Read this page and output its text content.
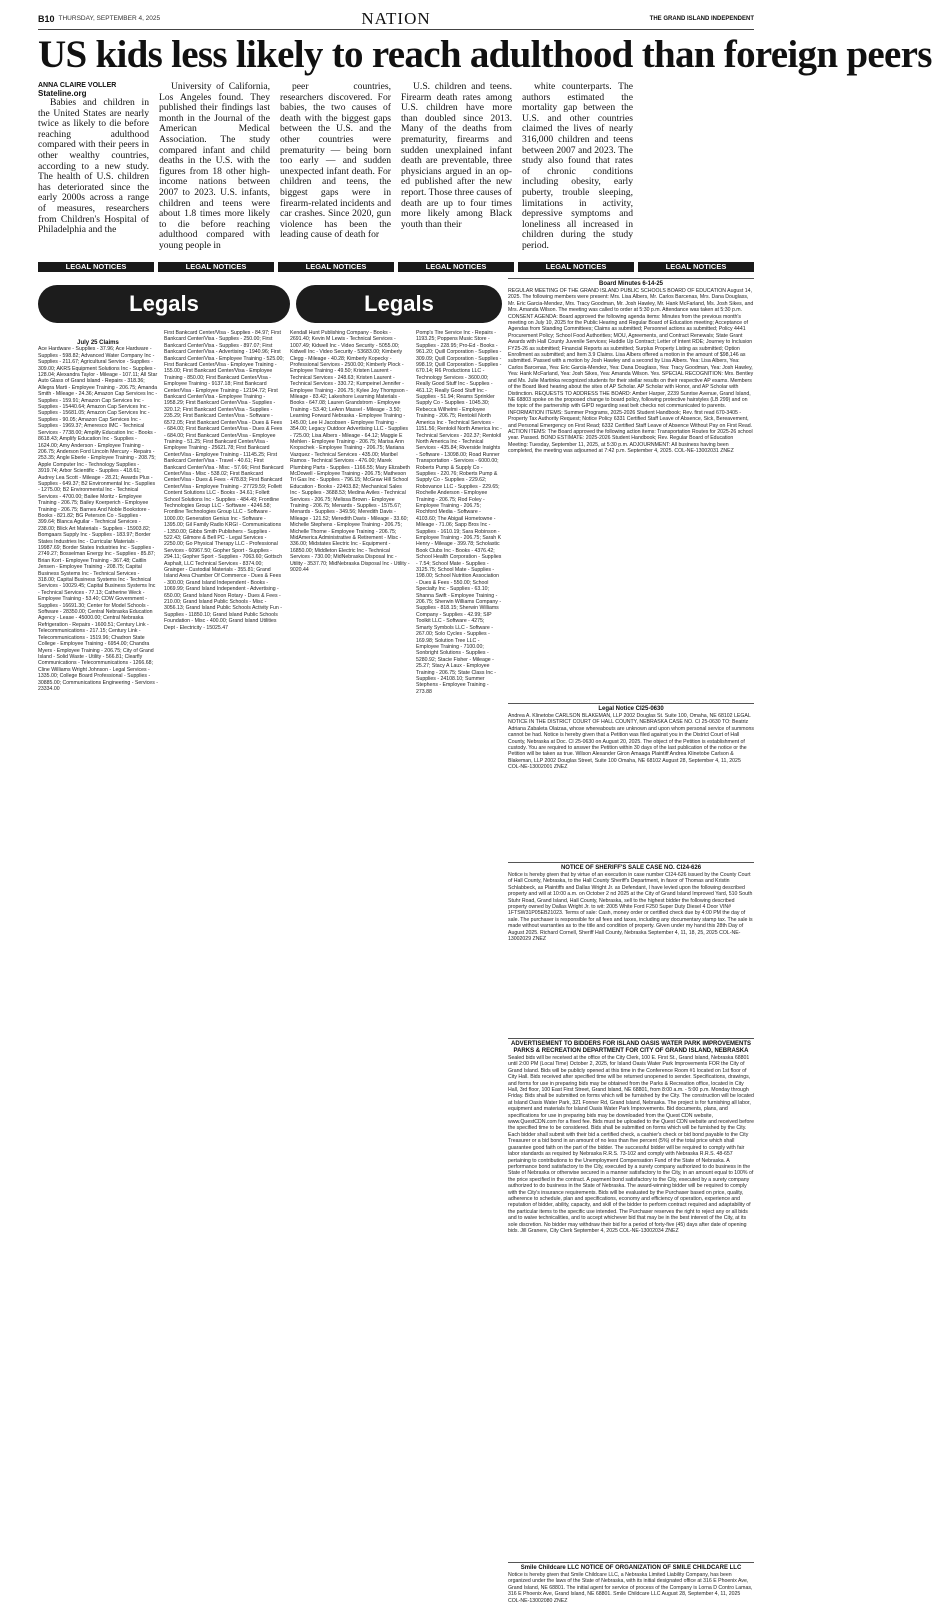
B10 THURSDAY, SEPTEMBER 4, 2025	NATION	THE GRAND ISLAND INDEPENDENT
US kids less likely to reach adulthood than foreign peers
ANNA CLAIRE VOLLER
Stateline.org

Babies and children in the United States are nearly twice as likely to die before reaching adulthood compared with their peers in other wealthy countries, according to a new study. The health of U.S. children has deteriorated since the early 2000s across a range of measures, researchers from Children's Hospital of Philadelphia and the

University of California, Los Angeles found. They published their findings last month in the Journal of the American Medical Association. The study compared infant and child deaths in the U.S. with the figures from 18 other high-income nations between 2007 to 2023. U.S. infants, children and teens were about 1.8 times more likely to die before reaching adulthood compared with young people in

peer countries, researchers discovered. For babies, the two causes of death with the biggest gaps between the U.S. and the other countries were prematurity — being born too early — and sudden unexpected infant death. For children and teens, the biggest gaps were in firearm-related incidents and car crashes. Since 2020, gun violence has been the leading cause of death for

U.S. children and teens. Firearm death rates among U.S. children have more than doubled since 2013. Many of the deaths from prematurity, firearms and sudden unexplained infant death are preventable, three physicians argued in an op-ed published after the new report. Those three causes of death are up to four times more likely among Black youth than their

white counterparts. The authors estimated the mortality gap between the U.S. and other countries claimed the lives of nearly 316,000 children and teens between 2007 and 2023. The study also found that rates of chronic conditions including obesity, early puberty, trouble sleeping, limitations in activity, depressive symptoms and loneliness all increased in children during the study period.

LEGAL NOTICES	LEGAL NOTICES	LEGAL NOTICES	LEGAL NOTICES	LEGAL NOTICES	LEGAL NOTICES
Legals	Legals
July 25 Claims
Ace Hardware - Supplies - 37.96; Ace Hardware - Supplies - 598.82; Advanced Water Company Inc - Supplies - 211.67; Agricultural Service - Supplies - 309.00; AKRS Equipment Solutions Inc - Supplies - 128.04; Alexandra Taylor - Mileage - 107.11; All Star Auto Glass of Grand Island - Repairs - 318.36; Allegra Marti - Employee Training - 206.75; Amanda Smith - Mileage - 24.36; Amazon Cap Services Inc - Supplies - 159.91; Amazon Cap Services Inc - Supplies - 15440.64; Amazon Cap Services Inc - Supplies - 15681.05; Amazon Cap Services Inc - Supplies - 90.05; Amazon Cap Services Inc - Supplies - 1969.37; Ameresco IMC - Technical Services - 7738.00; Amplify Education Inc - Books - 8618.43; Amplify Education Inc - Supplies - 1624.00; Amy Anderson - Employee Training - 206.75; Anderson Ford Lincoln Mercury - Repairs - 253.35; Angle Eberle - Employee Training - 208.75; Apple Computer Inc - Technology Supplies - 3919.74; Arbor Scientific - Supplies - 418.61; Audrey Lea Scott - Mileage - 28.21; Awards Plus - Supplies - 649.37; B2 Environmental Inc - Supplies - 1275.00; B2 Environmental Inc - Technical Services - 4700.00; Bailee Moritz - Employee Training - 206.75; Bailey Koerperich - Employee Training - 206.75; Barnes And Noble Bookstore - Books - 821.82; BG Peterson Co - Supplies - 399.64; Blanca Aguilar - Technical Services - 238.00; Blick Art Materials - Supplies - 15903.82; Bomgaars Supply Inc - Supplies - 183.97; Border States Industries Inc - Curricular Materials - 19987.69; Border States Industries Inc - Supplies - 2749.27; Bosselman Energy Inc - Supplies - 85.87; Brian Kort - Employee Training - 367.48; Caitlin Jensen - Employee Training - 208.75; Capital Business Systems Inc - Technical Services - 318.00; Capital Business Systems Inc - Technical Services - 10029.45; Capital Business Systems Inc - Technical Services - 77.13; Catherine Weck - Employee Training - 53.40; CDW Government - Supplies - 16691.30; Center for Model Schools - Software - 28350.00; Central Nebraska Education Agency - Lease - 45000.00; Central Nebraska Refrigeration - Repairs - 1600.51; Century Link - Telecommunications - 217.15; Century Link - Telecommunications - 1519.96; Chadron State College - Employee Training - 6954.00; Chandra Myers - Employee Training - 206.75; City of Grand Island - Solid Waste - Utility - 566.81; Clearfly Communications - Telecommunications - 1266.68; Cline Williams Wright Johnson - Legal Services - 1335.00; College Board Professional - Supplies - 30885.00; Communications Engineering - Services - 23334.00
First Bankcard Center/Visa - Supplies - 84.97; First Bankcard Center/Visa - Supplies - 250.00; First Bankcard Center/Visa - Supplies - 897.07; First Bankcard Center/Visa - Advertising - 1940.96; First Bankcard Center/Visa - Employee Training - 525.00; First Bankcard Center/Visa - Employee Training - 155.00; First Bankcard Center/Visa - Employee Training - 850.00; First Bankcard Center/Visa - Employee Training - 9137.18; First Bankcard Center/Visa - Employee Training - 12194.72; First Bankcard Center/Visa - Employee Training - 1958.29; First Bankcard Center/Visa - Supplies - 320.12; First Bankcard Center/Visa - Supplies - 235.29; First Bankcard Center/Visa - Software - 6572.05; First Bankcard Center/Visa - Dues & Fees - 684.00; First Bankcard Center/Visa - Dues & Fees - 684.00; First Bankcard Center/Visa - Employee Training - 51.25; First Bankcard Center/Visa - Employee Training - 25621.78; First Bankcard Center/Visa - Employee Training - 11145.25; First Bankcard Center/Visa - Travel - 40.61; First Bankcard Center/Visa - Misc - 57.66; First Bankcard Center/Visa - Misc - 538.02; First Bankcard Center/Visa - Dues & Fees - 478.83; First Bankcard Center/Visa - Employee Training - 27729.59; Follett Content Solutions LLC - Books - 34.61; Follett School Solutions Inc - Supplies - 484.49; Frontline Technologies Group LLC - Software - 4246.58; Frontline Technologies Group LLC - Software - 1000.00; Generation Genius Inc - Software - 1395.00; Gil Family Radio KRGI - Communications - 1350.00; Gibbs Smith Publishers - Supplies - 522.43; Gilmore & Bell PC - Legal Services - 2250.00; Go Physical Therapy LLC - Professional Services - 60967.50; Gopher Sport - Supplies - 294.11; Gopher Sport - Supplies - 7063.60; Gottsch Asphalt, LLC Technical Services - 8374.00; Grainger - Custodial Materials - 355.81; Grand Island Area Chamber Of Commerce - Dues & Fees - 300.00; Grand Island Independent - Books - 1069.99; Grand Island Independent - Advertising - 650.00; Grand Island Noon Rotary - Dues & Fees - 210.00; Grand Island Public Schools - Misc - 3056.13; Grand Island Public Schools Activity Fun - Supplies - 11850.10; Grand Island Public Schools Foundation - Misc - 400.00; Grand Island Utilities Dept - Electricity - 15025.47
Kendall Hunt Publishing Company - Books - 2691.40; Kevin M Lewis - Technical Services - 1007.49; Kidwell Inc - Video Security - 5055.00; Kidwell Inc - Video Security - 53683.00; Kimberly Clegg - Mileage - 40.28; Kimberly Kopecky - Professional Services - 2500.00; Kimberly Plock - Employee Training - 49.50; Kristen Laurent - Technical Services - 248.63; Kristen Laurent - Technical Services - 330.72; Kumpeinel Jennifer - Employee Training - 206.75; Kylee Joy Thompson - Mileage - 83.42; Lakeshore Learning Materials - Books - 647.08; Lauren Grandstrom - Employee Training - 53.40; LeAnn Massel - Mileage - 3.50; Learning Forward Nebraska - Employee Training - 145.00; Lee H Jacobsen - Employee Training - 354.00; Legacy Outdoor Advertising LLC - Supplies - 725.00; Lisa Albers - Mileage - 64.12; Maggie E Mehlen - Employee Training - 206.75; Marisa Ann Kropschek - Employee Training - 206.75; Mariana Vazquez - Technical Services - 435.00; Maribel Ramos - Technical Services - 476.00; Marek Plumbing Parts - Supplies - 1166.55; Mary Elizabeth McDowell - Employee Training - 206.75; Matheson Tri Gas Inc - Supplies - 796.15; McGraw Hill School Education - Books - 22403.82; Mechanical Sales Inc - Supplies - 3688.53; Medina Aviles - Technical Services - 206.75; Melissa Brown - Employee Training - 206.75; Menards - Supplies - 1575.67; Menards - Supplies - 349.56; Meredith Davis - Mileage - 121.52; Meredith Davis - Mileage - 33.60; Michelle Stephens - Employee Training - 206.75; Michelle Thorne - Employee Training - 206.75; MidAmerica Administrative & Retirement - Misc - 336.00; Midstates Electric Inc - Equipment - 16850.00; Middleton Electric Inc - Technical Services - 730.00; MidNebraska Disposal Inc - Utility - 3537.70; MidNebraska Disposal Inc - Utility - 9020.44
Pomp's Tire Service Inc - Repairs - 1193.25; Poppens Music Store - Supplies - 228.95; Pro-Ed - Books - 961.20; Quill Corporation - Supplies - 309.09; Quill Corporation - Supplies - 998.19; Quill Corporation - Supplies - 670.14; R6 Productions LLC - Technology Services - 3600.00; Really Good Stuff Inc - Supplies - 461.12; Really Good Stuff Inc - Supplies - 51.94; Reams Sprinkler Supply Co - Supplies - 1045.30; Rebecca Wilhelmi - Employee Training - 206.75; Rentokil North America Inc - Technical Services - 1151.56; Rentokil North America Inc - Technical Services - 202.37; Rentokil North America Inc - Technical Services - 435.84; Riverside Insights - Software - 13098.00; Road Runner Transportation - Services - 6000.00; Roberts Pump & Supply Co - Supplies - 220.76; Roberts Pump & Supply Co - Supplies - 229.62; Robovance LLC - Supplies - 229.65; Rochelle Anderson - Employee Training - 206.75; Rod Foley - Employee Training - 206.75; Rochford Media - Software - 4103.60; The Abigail Hometowne - Mileage - 71.06; Sapp Bros Inc - Supplies - 1610.19; Sara Robinson - Employee Training - 206.75; Sarah K Henry - Mileage - 399.78; Scholastic Book Clubs Inc - Books - 4376.42; School Health Corporation - Supplies - 7.54; School Mate - Supplies - 3125.75; School Mate - Supplies - 198.00; School Nutrition Association - Dues & Fees - 550.00; School Specialty Inc - Supplies - 63.10; Shanna Swift - Employee Training - 206.75; Sherwin Williams Company - Supplies - 818.15; Sherwin Williams Company - Supplies - 42.99; SIP Toolkit LLC - Software - 4275; Smarty Symbols LLC - Software - 267.00; Solo Cycles - Supplies - 169.98; Solution Tree LLC - Employee Training - 7100.00; Sonbright Solutions - Supplies - 5280.92; Stacie Fisher - Mileage - 25.27; Stacy A Laux - Employee Training - 206.75; State Class Inc - Supplies - 24108.10; Summer Stephens - Employee Training - 273.88
Board Minutes 6-14-25
REGULAR MEETING OF THE GRAND ISLAND PUBLIC SCHOOLS BOARD OF EDUCATION August 14, 2025. The following members were present: Mrs. Lisa Albers, Mr. Carlos Barcenas, Mrs. Dana Douglass, Mr. Eric Garcia-Mendez, Mrs. Tracy Goodman, Mr. Josh Hawley, Mr. Hank McFarland, Ms. Josh Sikes, and Mrs. Amanda Wilson. The meeting was called to order at 5:30 p.m. Attendance was taken at 5:30 p.m. CONSENT AGENDA: Board approved the following agenda items: Minutes from the previous month's meeting on July 10, 2025 for the Public Hearing and Regular Board of Education meeting; Acceptance of Agendas from Standing Committees; Claims as submitted; Personnel actions as submitted; Policy 4441 Procurement Policy; School Food Authorities; MOU, Agreements, and Contract Renewals; State Grant Awards with Hall County Juvenile Services; Huddle Up Contract; Letter of Intent RDE; Journey to Inclusion FY25-26 as submitted; Financial Reports as submitted; Surplus Property Listing as submitted; Option Enrollment as submitted; and Item 3.9 Claims. Lisa Albers offered a motion in the amount of $98,146 as submitted. Passed with a motion by Josh Hawley and a second by Lisa Albers. Yea: Lisa Albers, Yea: Carlos Barcenas, Yea: Eric Garcia-Mendez, Yea: Dana Douglass, Yea: Tracy Goodman, Yea: Josh Hawley, Yea: Hank McFarland, Yea: Josh Sikes, Yea: Amanda Wilson. Yes. SPECIAL RECOGNITION: Mrs. Bentley and Ms. Julie Martinka recognized students for their stellar results on their respective AP exams. Members of the Board liked hearing about the sites of AP Scholar. AP Scholar with Honor, and AP Scholar with Distinction. REQUESTS TO ADDRESS THE BOARD: Amber Harper, 2239 Sunrise Avenue, Grand Island, NE 68803 spoke on the proposed change to board policy, following protective hairstyles (LB 299) and on the topic of the partnership with GIPD regarding seat belt checks not communicated to parents. INFORMATION ITEMS: Summer Programs, 2025-2026 Student Handbook; Rev. first read 670-3405 - Property Tax Authority Request; Notice Policy 6331 Certified Staff Leave of Absence, Sick, Bereavement, and Personal Emergency on First Read; 6332 Certified Staff Leave of Absence Without Pay on First Read. ACTION ITEMS: The Board approved the following action items: Transportation Routes for 2025-26 school year. Passed. BOND ESTIMATE: 2025-2026 Student Handbook; Rev. Regular Board of Education Meeting: Tuesday, September 11, 2025, at 5:30 p.m. ADJOURNMENT: All business having been completed, the meeting was adjourned at 7:42 p.m. September 4, 2025. COL-NE-13002031 ZNEZ
Legal Notice CI25-0630
Andrea A. Klinetobe CARLSON BLAKEMAN, LLP 2002 Douglas St. Suite 100, Omaha, NE 68102 LEGAL NOTICE IN THE DISTRICT COURT OF HALL COUNTY, NEBRASKA CASE NO. CI 25-0630 TO: Beatriz Adriana Zabaleta Olaizaa, whose whereabouts are unknown and upon whom personal service of summons cannot be had. Notice is hereby given that a Petition was filed against you in the District Court of Hall County, Nebraska at Doc. CI 25-0630 on August 20, 2025. The object of the Petition is establishment of custody. You are required to answer the Petition within 30 days of the last publication of the notice or the Petition will be taken as true. Wilson Alexander Giron Amaaga Plaintiff Andrea Klinetobe Carlson & Blakeman, LLP 2002 Douglas Street, Suite 100 Omaha, NE 68102 August 28, September 4, 11, 2025 COL-NE-13002001 ZNEZ
NOTICE OF SHERIFF'S SALE CASE NO. CI24-626
Notice is hereby given that by virtue of an execution in case number CI24-626 issued by the County Court of Hall County, Nebraska, to the Hall County Sheriff's Department, in favor of Thomas and Kristin Schlabbeck, as Plaintiffs and Dallas Wright Jr. as Defendant, I have levied upon the following described property and will at 10:00 a.m. on October 2 nd 2025 at the City of Grand Island Improved Yard, 510 South Stuhr Road, Grand Island, Hall County, Nebraska, sell to the highest bidder the following described property owned by Dallas Wright Jr. to wit: 2005 White Ford F250 Super Duty Diesel 4 Door VIN# 1FTSW31P05EB21023. Terms of sale: Cash, money order or certified check due by 4:00 PM the day of sale. The purchaser is responsible for all fees and taxes, including any documentary stamp tax. The sale is made without warranties as to the title and condition of property. Given under my hand this 28th Day of August 2025. Richard Cornell, Sheriff Hall County, Nebraska September 4, 11, 18, 25, 2025 COL-NE-13002029 ZNEZ
ADVERTISEMENT TO BIDDERS FOR ISLAND OASIS WATER PARK IMPROVEMENTS PARKS & RECREATION DEPARTMENT FOR CITY OF GRAND ISLAND, NEBRASKA
Sealed bids will be received at the office of the City Clerk, 100 E. First St., Grand Island, Nebraska 68801 until 2:00 PM (Local Time) October 2, 2025, for Island Oasis Water Park Improvements FOR the City of Grand Island. Bids will be publicly opened at this time in the Conference Room #1 located on 1st floor of City Hall. Bids received after specified time will be returned unopened to sender. Specifications, drawings, and forms for use in preparing bids may be obtained from the Parks & Recreation office, located in City Hall, 3rd floor, 100 East First Street, Grand Island, NE 68801, from 8:00 a.m. - 5:00 p.m. Monday through Friday. Bids shall be submitted on forms which will be furnished by the City. The construction will be located at Island Oasis Water Park, 321 Fonner Rd, Grand Island, Nebraska. The project is for furnishing all labor, equipment and materials for Island Oasis Water Park Improvements. Bid documents, plans, and specifications for use in preparing bids may be downloaded from the Quest CDN website, www.QuestCDN.com for a fixed fee. Bids must be uploaded to the Quest CDN website and received before the specified time to be considered. Bids shall be submitted on forms which will be furnished by the City. Each bidder shall submit with their bid a certified check, a cashier's check or bid bond payable to the City Treasurer or a bid bond in an amount of no less than five percent (5%) of the total price which shall guarantee good faith on the part of the bidder. The successful bidder will be required to comply with fair labor standards as required by Nebraska R.R.S. 73-102 and comply with Nebraska R.R.S. 48-657 pertaining to contributions to the Unemployment Compensation Fund of the State of Nebraska. A performance bond satisfactory to the City, executed by a surety company authorized to do business in the State of Nebraska or otherwise secured in a manner satisfactory to the City, in an amount equal to 100% of the price specified in the contract. A payment bond satisfactory to the City, executed by a surety company authorized to do business in the State of Nebraska. The award-winning bidder will be required to comply with the City's insurance requirements. Bids will be evaluated by the Purchaser based on price, quality, adherence to schedule, plan and specifications, economy and efficiency of operation, experience and reputation of bidder, ability, capacity, and skill of the bidder to perform contract required and adaptability of the particular items to the specific use intended. The Purchaser reserves the right to reject any or all bids and to waive technicalities, and to accept whichever bid that may be in the best interest of the City, at its sole discretion. No bidder may withdraw their bid for a period of forty-five (45) days after date of opening bids. Jill Granere, City Clerk September 4, 2025 COL-NE-13002034 ZNEZ
Smile Childcare LLC NOTICE OF ORGANIZATION OF SMILE CHILDCARE LLC
Notice is hereby given that Smile Childcare LLC, a Nebraska Limited Liability Company, has been organized under the laws of the State of Nebraska, with its initial designated office at 316 E Phoenix Ave, Grand Island, NE 68801. The initial agent for service of process of the Company is Lorna D Contro Lamas, 316 E Phoenix Ave, Grand Island, NE 68801. Smile Childcare LLC August 28, September 4, 11, 2025 COL-NE-13002080 ZNEZ
